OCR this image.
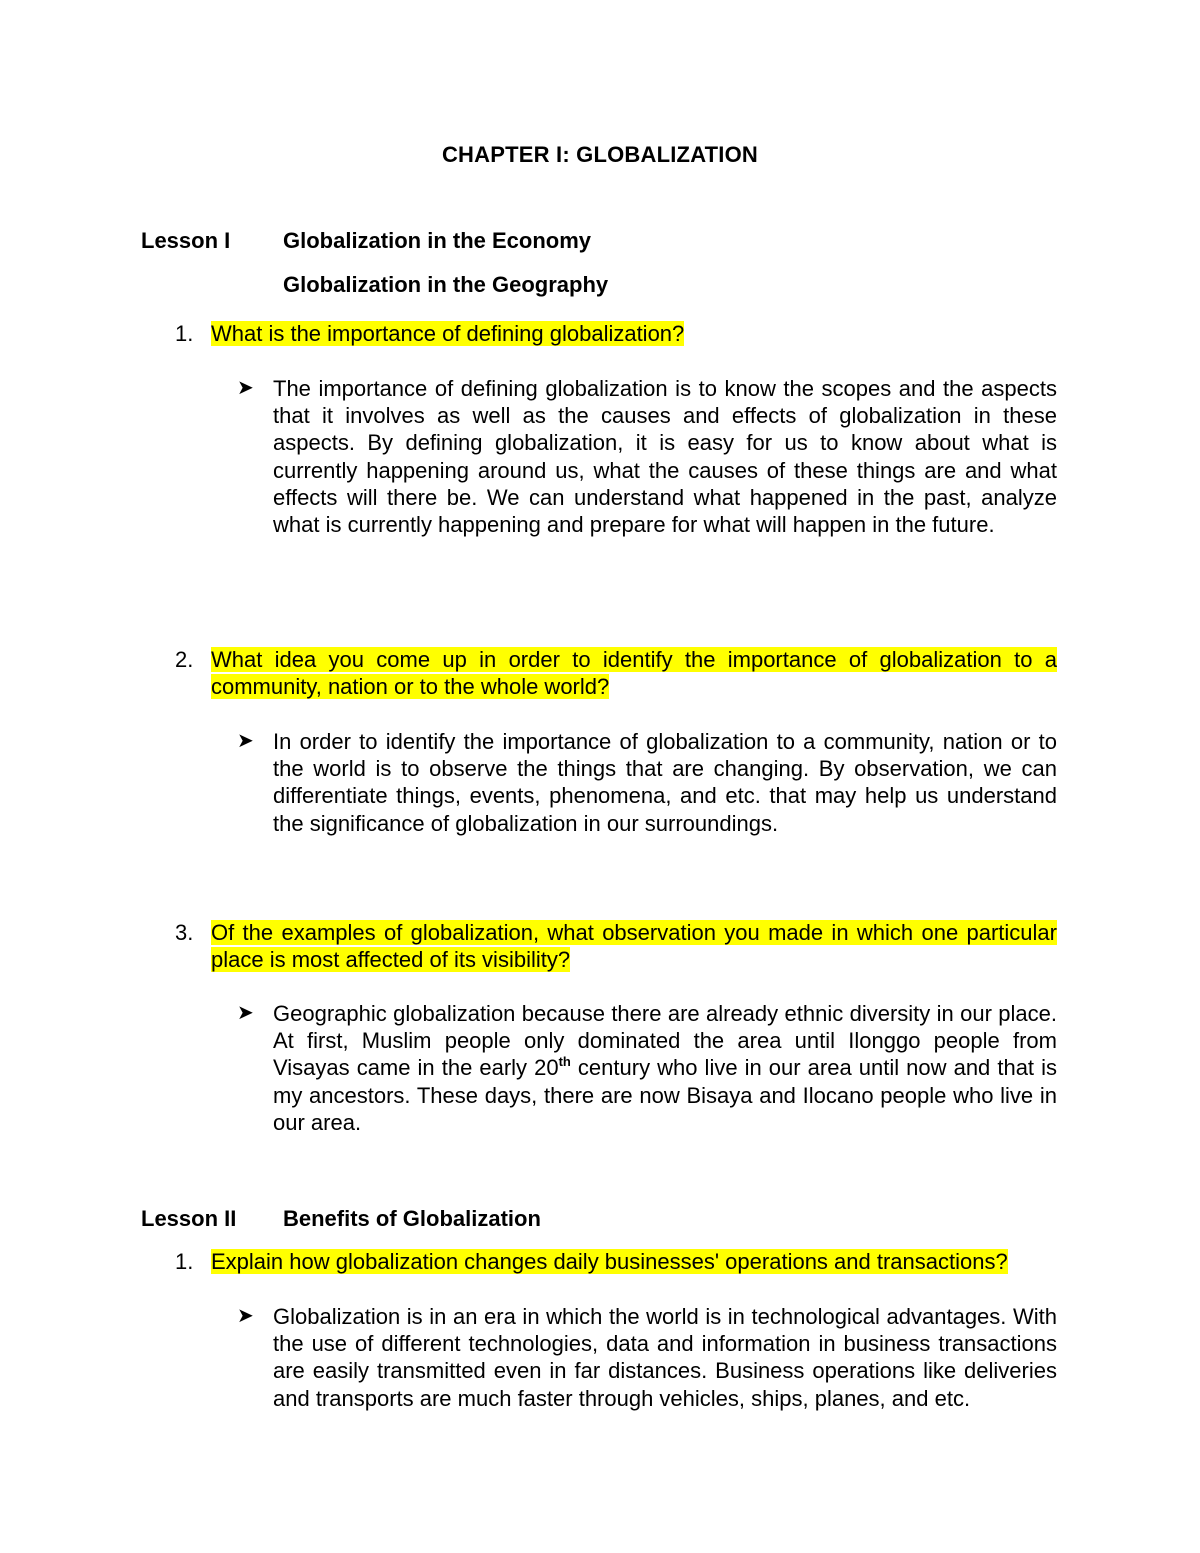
CHAPTER I: GLOBALIZATION
Lesson I Globalization in the Economy
Globalization in the Geography
1. What is the importance of defining globalization?
➤ The importance of defining globalization is to know the scopes and the aspects that it involves as well as the causes and effects of globalization in these aspects. By defining globalization, it is easy for us to know about what is currently happening around us, what the causes of these things are and what effects will there be. We can understand what happened in the past, analyze what is currently happening and prepare for what will happen in the future.
2. What idea you come up in order to identify the importance of globalization to a community, nation or to the whole world?
➤ In order to identify the importance of globalization to a community, nation or to the world is to observe the things that are changing. By observation, we can differentiate things, events, phenomena, and etc. that may help us understand the significance of globalization in our surroundings.
3. Of the examples of globalization, what observation you made in which one particular place is most affected of its visibility?
➤ Geographic globalization because there are already ethnic diversity in our place. At first, Muslim people only dominated the area until Ilonggo people from Visayas came in the early 20th century who live in our area until now and that is my ancestors. These days, there are now Bisaya and Ilocano people who live in our area.
Lesson II Benefits of Globalization
1. Explain how globalization changes daily businesses' operations and transactions?
➤ Globalization is in an era in which the world is in technological advantages. With the use of different technologies, data and information in business transactions are easily transmitted even in far distances. Business operations like deliveries and transports are much faster through vehicles, ships, planes, and etc.
